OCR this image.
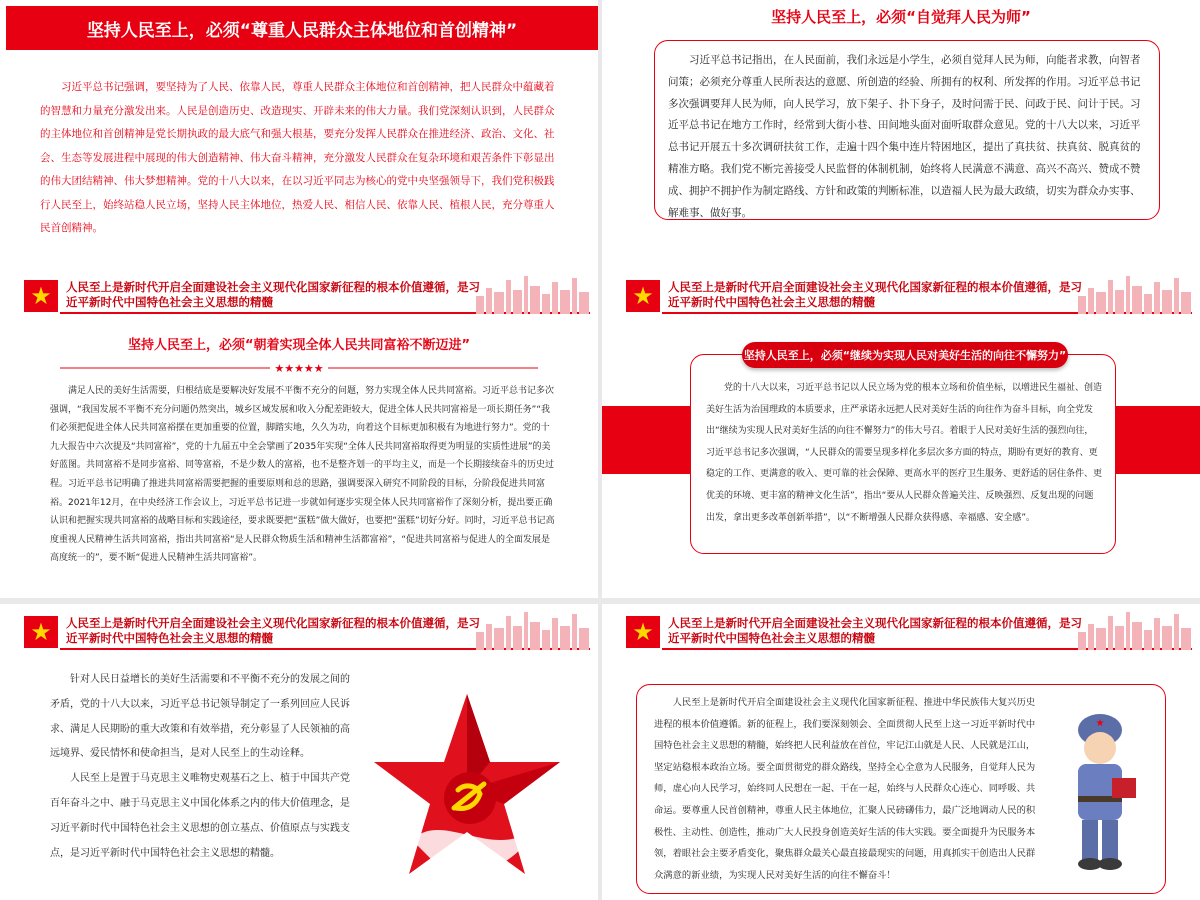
坚持人民至上，必须“尊重人民群众主体地位和首创精神”
习近平总书记强调，要坚持为了人民、依靠人民，尊重人民群众主体地位和首创精神，把人民群众中蕴藏着的智慧和力量充分激发出来。人民是创造历史、改造现实、开辟未来的伟大力量。我们党深刻认识到，人民群众的主体地位和首创精神是党长期执政的最大底气和强大根基，要充分发挥人民群众在推进经济、政治、文化、社会、生态等发展进程中展现的伟大创造精神、伟大奋斗精神，充分激发人民群众在复杂环境和艰苦条件下彰显出的伟大团结精神、伟大梦想精神。党的十八大以来，在以习近平同志为核心的党中央坚强领导下，我们党积极践行人民至上，始终站稳人民立场，坚持人民主体地位，热爱人民、相信人民、依靠人民、植根人民，充分尊重人民首创精神。
坚持人民至上，必须“自觉拜人民为师”
习近平总书记指出，在人民面前，我们永远是小学生，必须自觉拜人民为师，向能者求教，向智者问策；必须充分尊重人民所表达的意愿、所创造的经验、所拥有的权利、所发挥的作用。习近平总书记多次强调要拜人民为师，向人民学习，放下架子、扑下身子，及时问需于民、问政于民、问计于民。习近平总书记在地方工作时，经常到大街小巷、田间地头面对面听取群众意见。党的十八大以来，习近平总书记开展五十多次调研扶贫工作，走遍十四个集中连片特困地区，提出了真扶贫、扶真贫、脱真贫的精准方略。我们党不断完善接受人民监督的体制机制，始终将人民满意不满意、高兴不高兴、赞成不赞成、拥护不拥护作为制定路线、方针和政策的判断标准，以造福人民为最大政绩，切实为群众办实事、解难事、做好事。
★ 人民至上是新时代开启全面建设社会主义现代化国家新征程的根本价值遵循，是习近平新时代中国特色社会主义思想的精髓
坚持人民至上，必须“朝着实现全体人民共同富裕不断迈进”
★★★★★
满足人民的美好生活需要，归根结底是要解决好发展不平衡不充分的问题，努力实现全体人民共同富裕。习近平总书记多次强调，“我国发展不平衡不充分问题仍然突出，城乡区域发展和收入分配差距较大，促进全体人民共同富裕是一项长期任务”“我们必须把促进全体人民共同富裕摆在更加重要的位置，脚踏实地，久久为功，向着这个目标更加积极有为地进行努力”。党的十九大报告中六次提及“共同富裕”，党的十九届五中全会擘画了2035年实现“全体人民共同富裕取得更为明显的实质性进展”的美好蓝图。共同富裕不是同步富裕、同等富裕，不是少数人的富裕，也不是整齐划一的平均主义，而是一个长期接续奋斗的历史过程。习近平总书记明确了推进共同富裕需要把握的重要原则和总的思路，强调要深入研究不同阶段的目标，分阶段促进共同富裕。2021年12月，在中央经济工作会议上，习近平总书记进一步就如何逐步实现全体人民共同富裕作了深刻分析，提出要正确认识和把握实现共同富裕的战略目标和实践途径，要求既要把“蛋糕”做大做好，也要把“蛋糕”切好分好。同时，习近平总书记高度重视人民精神生活共同富裕，指出共同富裕“是人民群众物质生活和精神生活都富裕”，“促进共同富裕与促进人的全面发展是高度统一的”，要不断“促进人民精神生活共同富裕”。
★ 人民至上是新时代开启全面建设社会主义现代化国家新征程的根本价值遵循，是习近平新时代中国特色社会主义思想的精髓
坚持人民至上，必须“继续为实现人民对美好生活的向往不懈努力”
党的十八大以来，习近平总书记以人民立场为党的根本立场和价值坐标，以增进民生福祉、创造美好生活为治国理政的本质要求，庄严承诺永远把人民对美好生活的向往作为奋斗目标，向全党发出“继续为实现人民对美好生活的向往不懈努力”的伟大号召。着眼于人民对美好生活的强烈向往，习近平总书记多次强调，“人民群众的需要呈现多样化多层次多方面的特点，期盼有更好的教育、更稳定的工作、更满意的收入、更可靠的社会保障、更高水平的医疗卫生服务、更舒适的居住条件、更优美的环境、更丰富的精神文化生活”，指出“要从人民群众普遍关注、反映强烈、反复出现的问题出发，拿出更多改革创新举措”，以“不断增强人民群众获得感、幸福感、安全感”。
★ 人民至上是新时代开启全面建设社会主义现代化国家新征程的根本价值遵循，是习近平新时代中国特色社会主义思想的精髓

针对人民日益增长的美好生活需要和不平衡不充分的发展之间的矛盾，党的十八大以来，习近平总书记领导制定了一系列回应人民诉求、满足人民期盼的重大改策和有效举措，充分彰显了人民领袖的高远境界、爱民情怀和使命担当，是对人民至上的生动诠释。

人民至上是置于马克思主义唯物史观基石之上、植于中国共产党百年奋斗之中、融于马克思主义中国化体系之内的伟大价值理念，是习近平新时代中国特色社会主义思想的创立基点、价值原点与实践支点，是习近平新时代中国特色社会主义思想的精髓。

★ 人民至上是新时代开启全面建设社会主义现代化国家新征程的根本价值遵循，是习近平新时代中国特色社会主义思想的精髓
人民至上是新时代开启全面建设社会主义现代化国家新征程、推进中华民族伟大复兴历史进程的根本价值遵循。新的征程上，我们要深刻领会、全面贯彻人民至上这一习近平新时代中国特色社会主义思想的精髓，始终把人民利益放在首位，牢记江山就是人民、人民就是江山，坚定站稳根本政治立场。要全面贯彻党的群众路线，坚持全心全意为人民服务，自觉拜人民为师，虚心向人民学习，始终同人民想在一起、干在一起，始终与人民群众心连心、同呼吸、共命运。要尊重人民首创精神，尊重人民主体地位，汇聚人民磅礴伟力，最广泛地调动人民的积极性、主动性、创造性，推动广大人民投身创造美好生活的伟大实践。要全面提升为民服务本领，着眼社会主要矛盾变化，聚焦群众最关心最直接最现实的问题，用真抓实干创造出人民群众满意的新业绩，为实现人民对美好生活的向往不懈奋斗！
★
